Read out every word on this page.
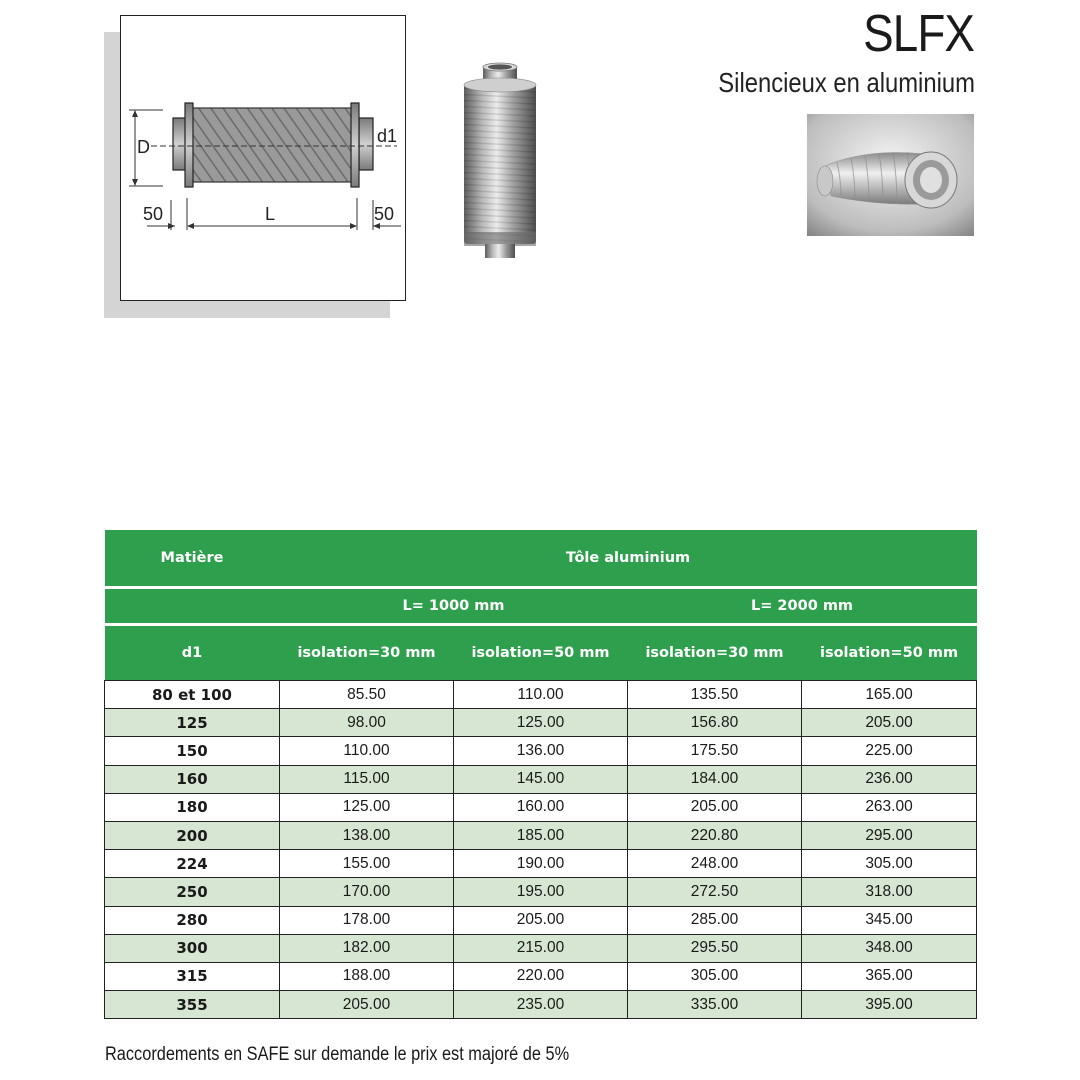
D
d1
50	L	50
SLFX
Silencieux en aluminium
Matière	Tôle aluminium			
	L= 1000 mm		L= 2000 mm	
d1	isolation=30 mm	isolation=50 mm	isolation=30 mm	isolation=50 mm
80 et 100	85.50	110.00	135.50	165.00
125	98.00	125.00	156.80	205.00
150	110.00	136.00	175.50	225.00
160	115.00	145.00	184.00	236.00
180	125.00	160.00	205.00	263.00
200	138.00	185.00	220.80	295.00
224	155.00	190.00	248.00	305.00
250	170.00	195.00	272.50	318.00
280	178.00	205.00	285.00	345.00
300	182.00	215.00	295.50	348.00
315	188.00	220.00	305.00	365.00
355	205.00	235.00	335.00	395.00
Raccordements en SAFE sur demande le prix est majoré de 5%
